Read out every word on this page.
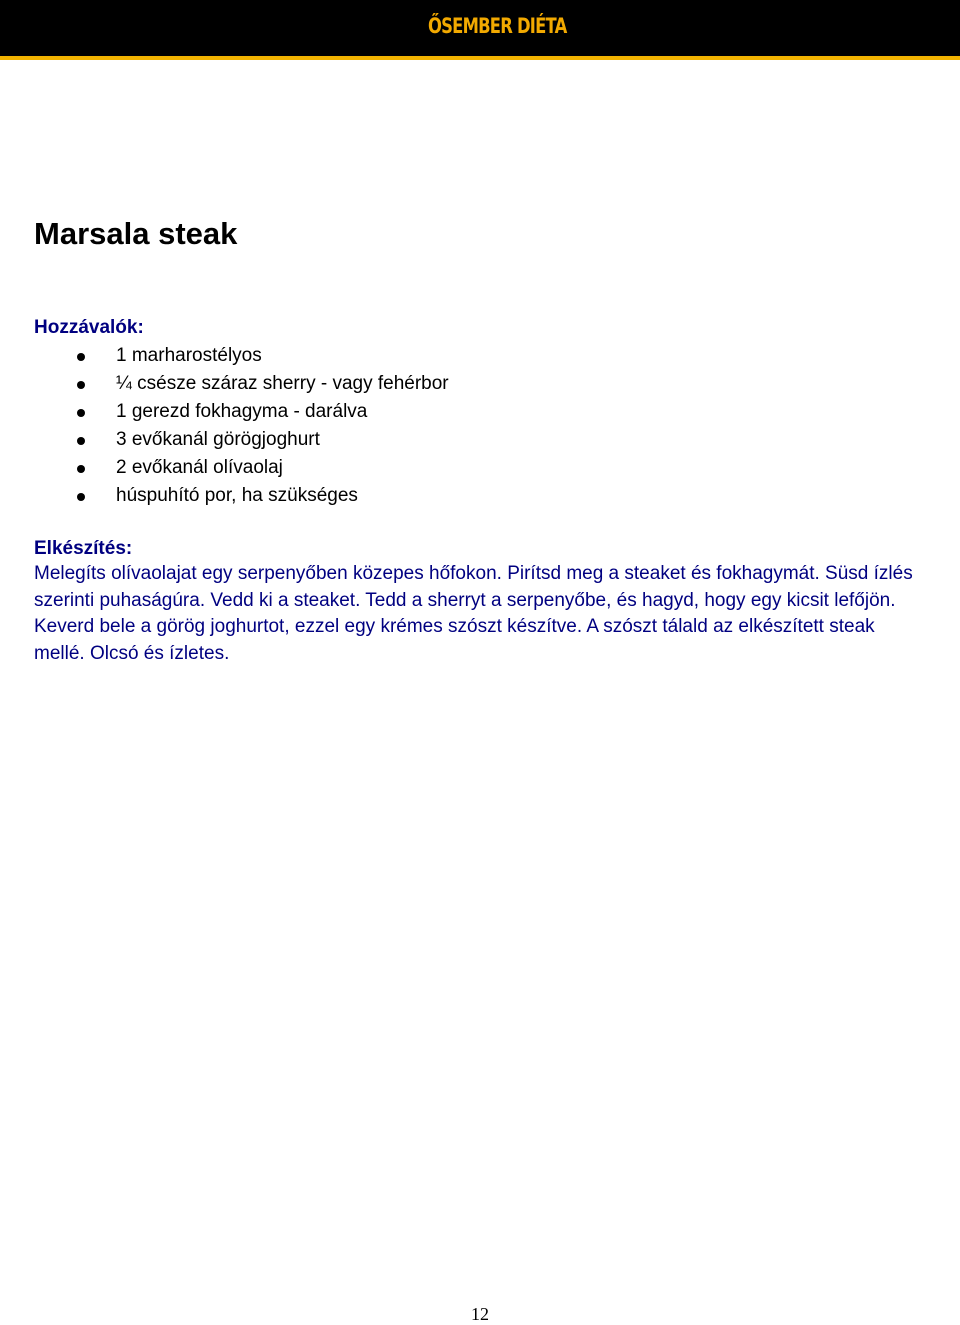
ŐSEMBER DIÉTA
Marsala steak
Hozzávalók:
1 marharostélyos
¼ csésze száraz sherry - vagy fehérbor
1 gerezd fokhagyma - darálva
3 evőkanál görögjoghurt
2 evőkanál olívaolaj
húspuhító por, ha szükséges
Elkészítés:

Melegíts olívaolajat egy serpenyőben közepes hőfokon. Pirítsd meg a steaket és fokhagymát. Süsd ízlés szerinti puhaságúra. Vedd ki a steaket. Tedd a sherryt a serpenyőbe, és hagyd, hogy egy kicsit lefőjön. Keverd bele a görög joghurtot, ezzel egy krémes szószt készítve. A szószt tálald az elkészített steak mellé. Olcsó és ízletes.

12
